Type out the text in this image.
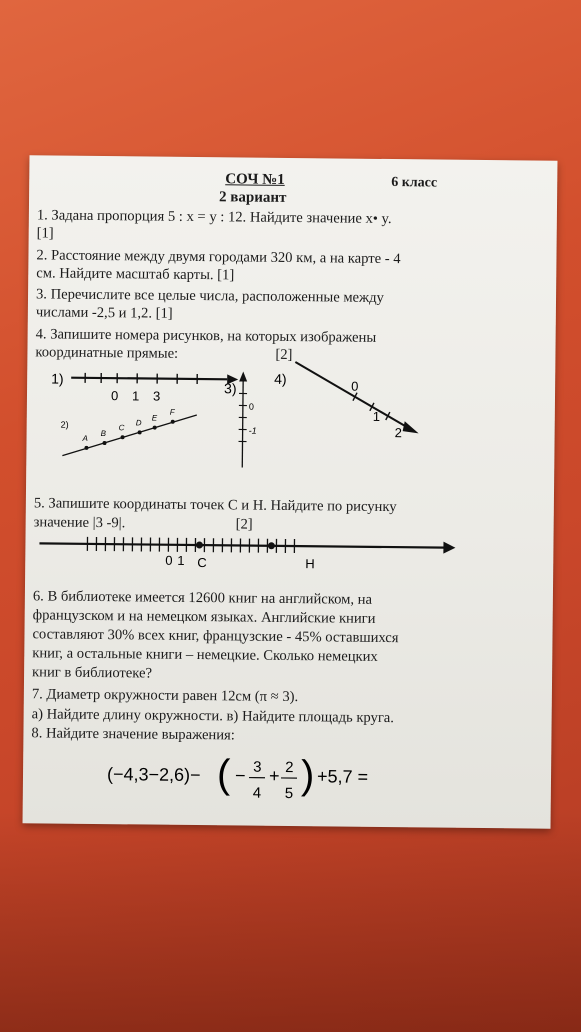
СОЧ №1	6 класс
2 вариант
1. Задана пропорция 5 : x = y : 12. Найдите значение x• y.
[1]
2. Расстояние между двумя городами 320 км, а на карте - 4
см. Найдите масштаб карты. [1]
3. Перечислите все целые числа, расположенные между
числами -2,5 и 1,2. [1]
4. Запишите номера рисунков, на которых изображены
координатные прямые:	[2]
1)
0 1 3
2)
A
B
C
D
E
F
3)
0
-1
4)	0
1
2
5. Запишите координаты точек С и Н. Найдите по рисунку
значение |3 -9|.	[2]
0 1 C	H
6. В библиотеке имеется 12600 книг на английском, на
французском и на немецком языках. Английские книги
составляют 30% всех книг, французские - 45% оставшихся
книг, а остальные книги – немецкие. Сколько немецких
книг в библиотеке?
7. Диаметр окружности равен 12см (π ≈ 3).
а) Найдите длину окружности. в) Найдите площадь круга.
8. Найдите значение выражения:
(−4,3−2,6)− ( − 3
4
+ 2
5 ) +5,7 =
